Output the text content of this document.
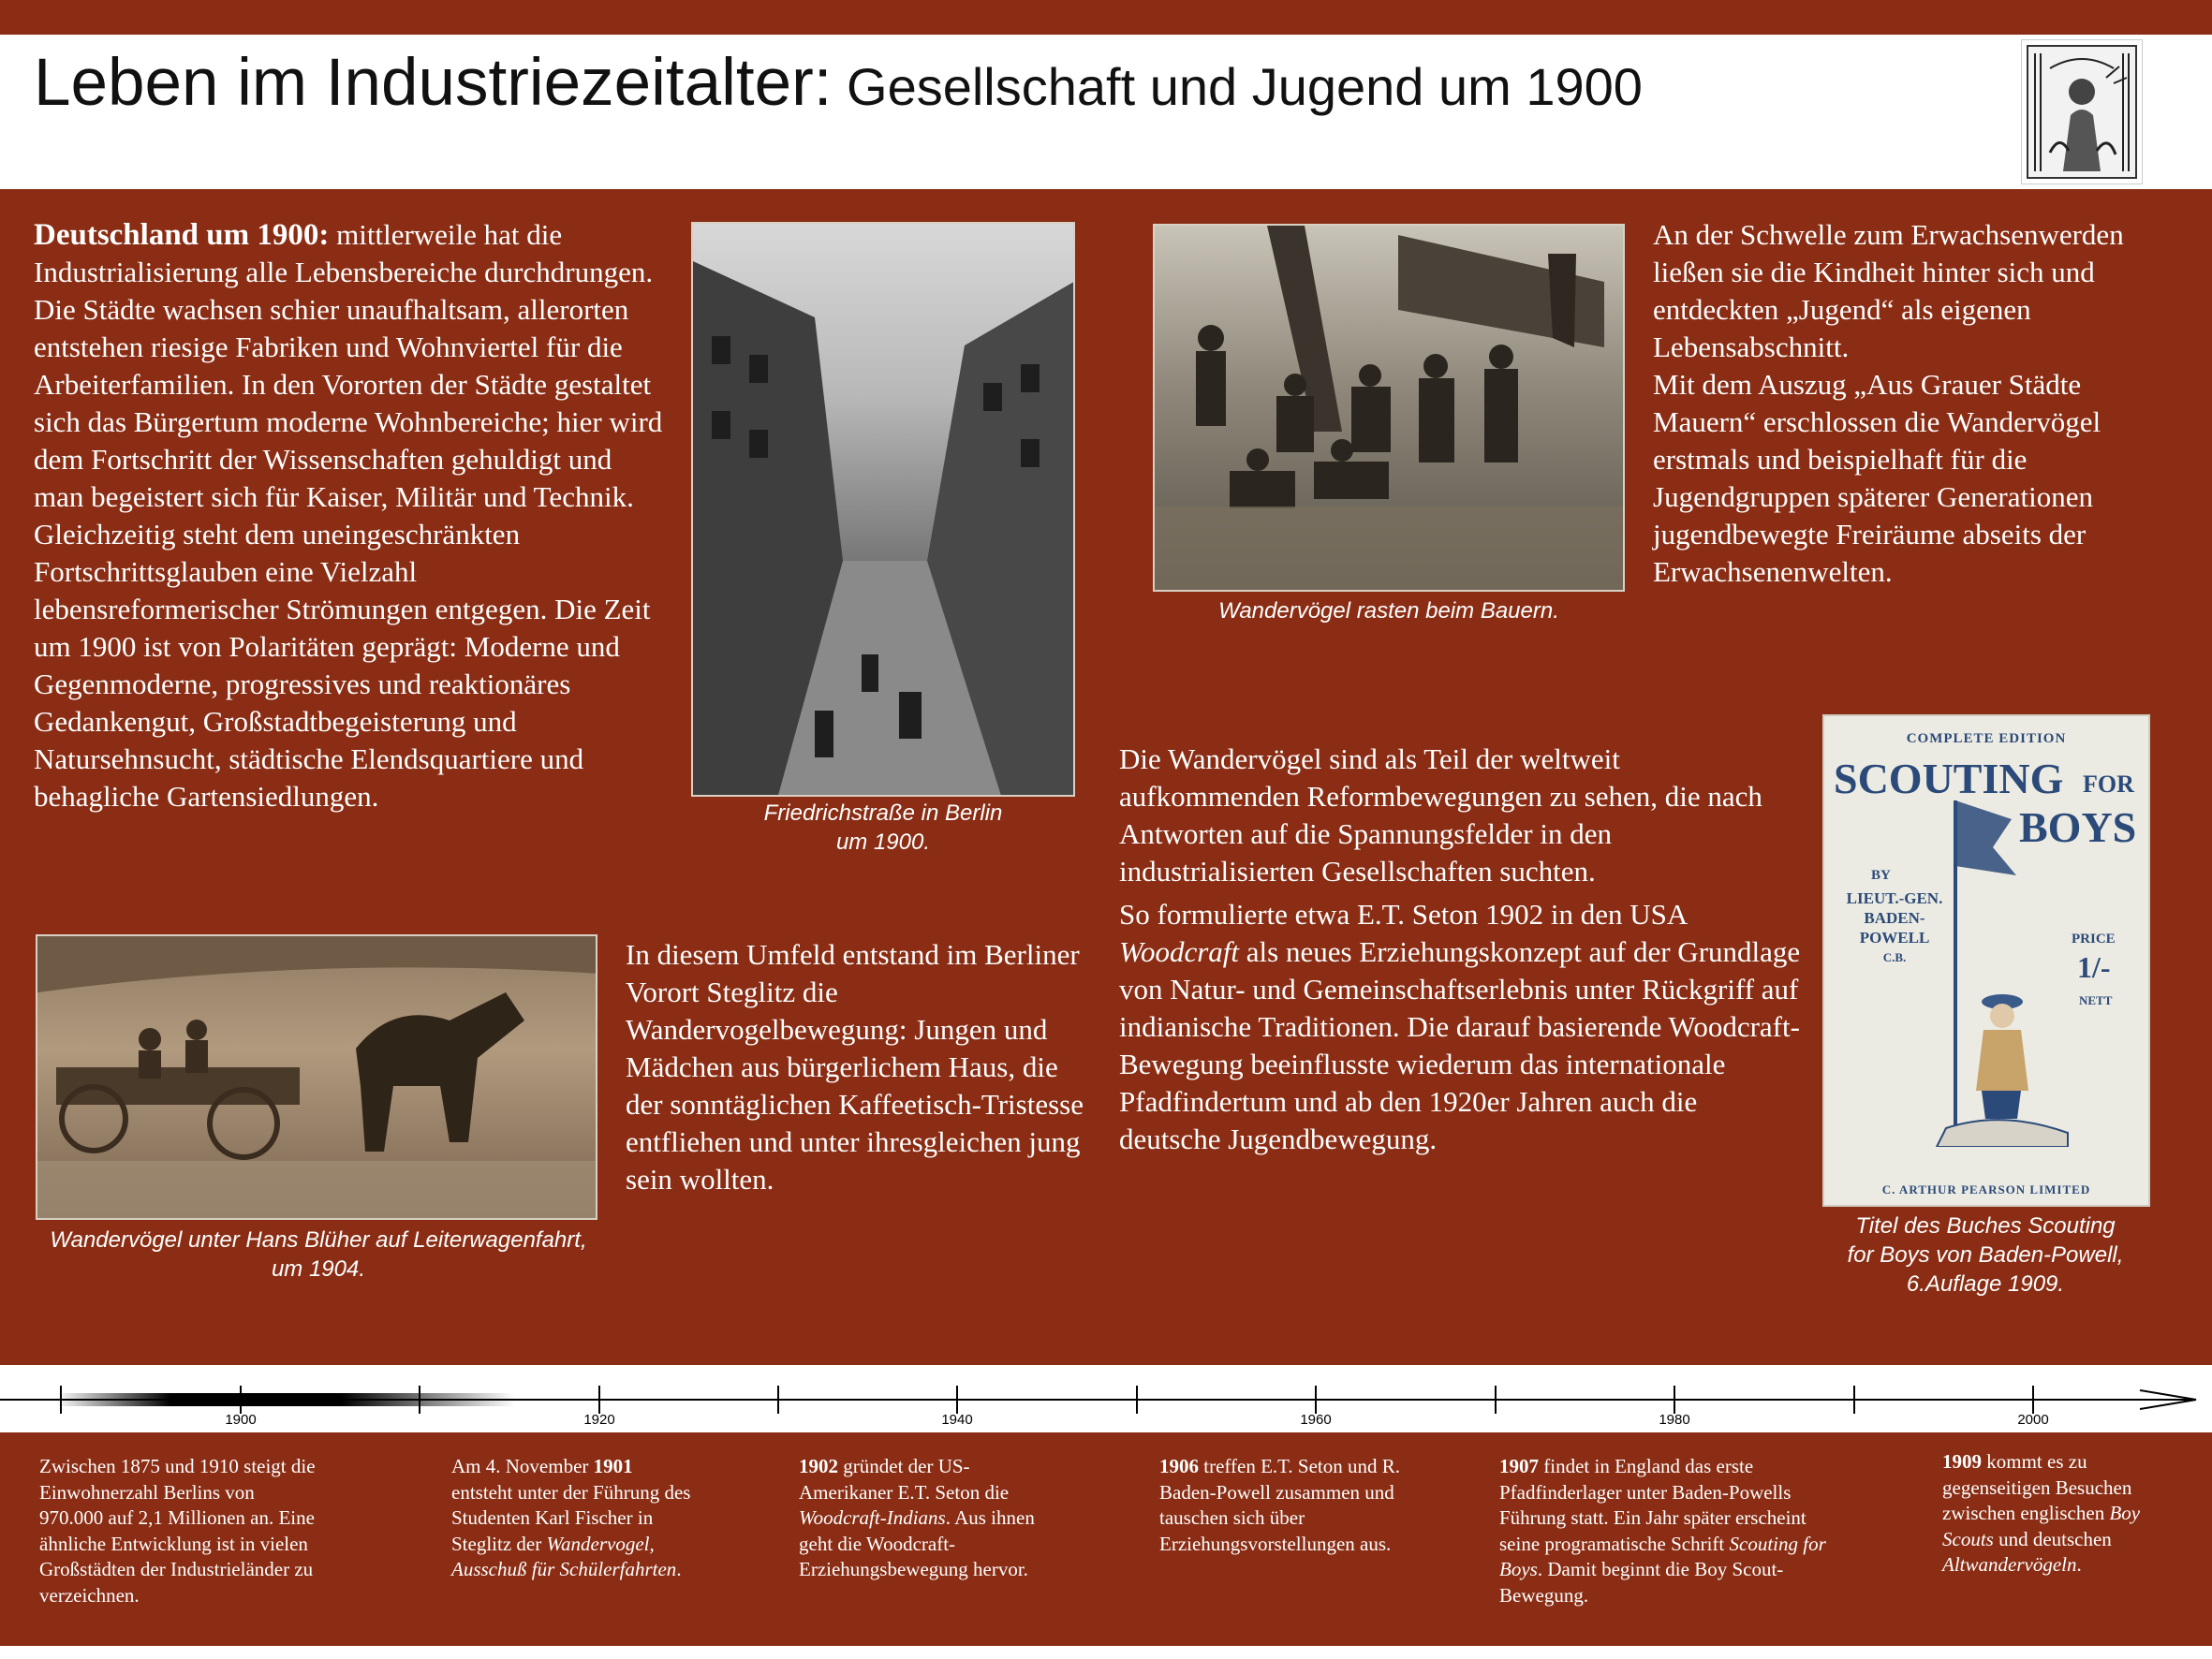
Leben im Industriezeitalter: Gesellschaft und Jugend um 1900
Deutschland um 1900: mittlerweile hat die Industrialisierung alle Lebensbereiche durchdrungen. Die Städte wachsen schier unaufhaltsam, allerorten entstehen riesige Fabriken und Wohnviertel für die Arbeiterfamilien. In den Vororten der Städte gestaltet sich das Bürgertum moderne Wohnbereiche; hier wird dem Fortschritt der Wissenschaften gehuldigt und man begeistert sich für Kaiser, Militär und Technik. Gleichzeitig steht dem uneingeschränkten Fortschrittsglauben eine Vielzahl lebensreformerischer Strömungen entgegen. Die Zeit um 1900 ist von Polaritäten geprägt: Moderne und Gegenmoderne, progressives und reaktionäres Gedankengut, Großstadtbegeisterung und Natursehnsucht, städtische Elendsquartiere und behagliche Gartensiedlungen.
Friedrichstraße in Berlin
um 1900.
Wandervögel rasten beim Bauern.
An der Schwelle zum Erwachsenwerden ließen sie die Kindheit hinter sich und entdeckten „Jugend“ als eigenen Lebensabschnitt.
Mit dem Auszug „Aus Grauer Städte Mauern“ erschlossen die Wandervögel erstmals und beispielhaft für die Jugendgruppen späterer Generationen jugendbewegte Freiräume abseits der Erwachsenenwelten.
Wandervögel unter Hans Blüher auf Leiterwagenfahrt,
um 1904.
In diesem Umfeld entstand im Berliner Vorort Steglitz die Wandervogelbewegung: Jungen und Mädchen aus bürgerlichem Haus, die der sonntäglichen Kaffeetisch-Tristesse entfliehen und unter ihresgleichen jung sein wollten.
Die Wandervögel sind als Teil der weltweit aufkommenden Reformbewegungen zu sehen, die nach Antworten auf die Spannungsfelder in den industrialisierten Gesellschaften suchten.
So formulierte etwa E.T. Seton 1902 in den USA Woodcraft als neues Erziehungskonzept auf der Grundlage von Natur- und Gemeinschaftserlebnis unter Rückgriff auf indianische Traditionen. Die darauf basierende Woodcraft-Bewegung beeinflusste wiederum das internationale Pfadfindertum und ab den 1920er Jahren auch die deutsche Jugendbewegung.
COMPLETE EDITION
SCOUTING FOR
BOYS
BY
LIEUT.-GEN.
BADEN-
POWELL
C.B.
PRICE
1/-
NETT
C. ARTHUR PEARSON LIMITED
Titel des Buches Scouting
for Boys von Baden-Powell,
6.Auflage 1909.
1900	1920	1940	1960	1980	2000
Zwischen 1875 und 1910 steigt die Einwohnerzahl Berlins von 970.000 auf 2,1 Millionen an. Eine ähnliche Entwicklung ist in vielen Großstädten der Industrieländer zu verzeichnen.
Am 4. November 1901 entsteht unter der Führung des Studenten Karl Fischer in Steglitz der Wandervogel, Ausschuß für Schülerfahrten.
1902 gründet der US-Amerikaner E.T. Seton die Woodcraft-Indians. Aus ihnen geht die Woodcraft-Erziehungsbewegung hervor.
1906 treffen E.T. Seton und R. Baden-Powell zusammen und tauschen sich über Erziehungsvorstellungen aus.
1907 findet in England das erste Pfadfinderlager unter Baden-Powells Führung statt. Ein Jahr später erscheint seine programatische Schrift Scouting for Boys. Damit beginnt die Boy Scout-Bewegung.
1909 kommt es zu gegenseitigen Besuchen zwischen englischen Boy Scouts und deutschen Altwandervögeln.
